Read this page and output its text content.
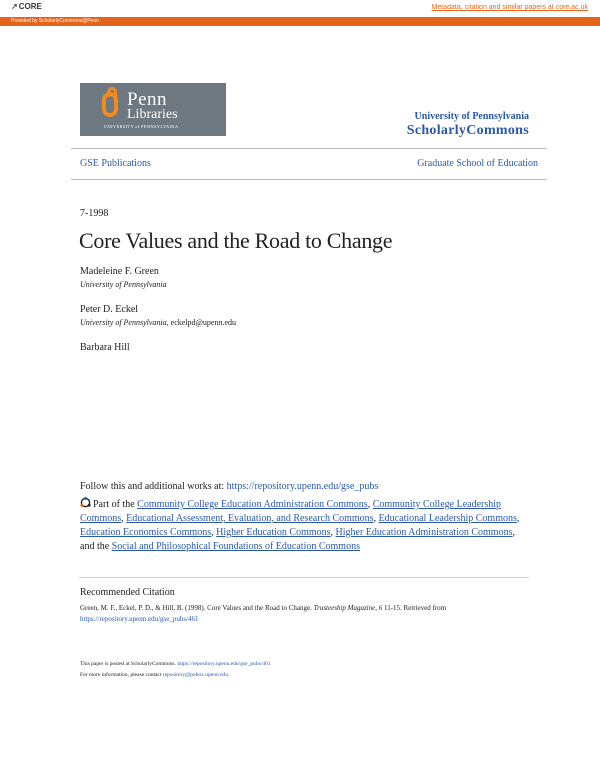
↗ CORE	Metadata, citation and similar papers at core.ac.uk
Provided by ScholarlyCommons@Penn
Penn
Libraries
UNIVERSITY of PENNSYLVANIA
University of Pennsylvania
ScholarlyCommons
GSE Publications	Graduate School of Education
7-1998
Core Values and the Road to Change
Madeleine F. Green
University of Pennsylvania
Peter D. Eckel
University of Pennsylvania, eckelpd@upenn.edu
Barbara Hill
Follow this and additional works at: https://repository.upenn.edu/gse_pubs
Part of the Community College Education Administration Commons, Community College Leadership Commons, Educational Assessment, Evaluation, and Research Commons, Educational Leadership Commons, Education Economics Commons, Higher Education Commons, Higher Education Administration Commons, and the Social and Philosophical Foundations of Education Commons
Recommended Citation
Green, M. F., Eckel, P. D., & Hill, B. (1998). Core Values and the Road to Change. Trusteeship Magazine, 6 11-15. Retrieved from https://repository.upenn.edu/gse_pubs/461
This paper is posted at ScholarlyCommons. https://repository.upenn.edu/gse_pubs/461
For more information, please contact repository@pobox.upenn.edu.
